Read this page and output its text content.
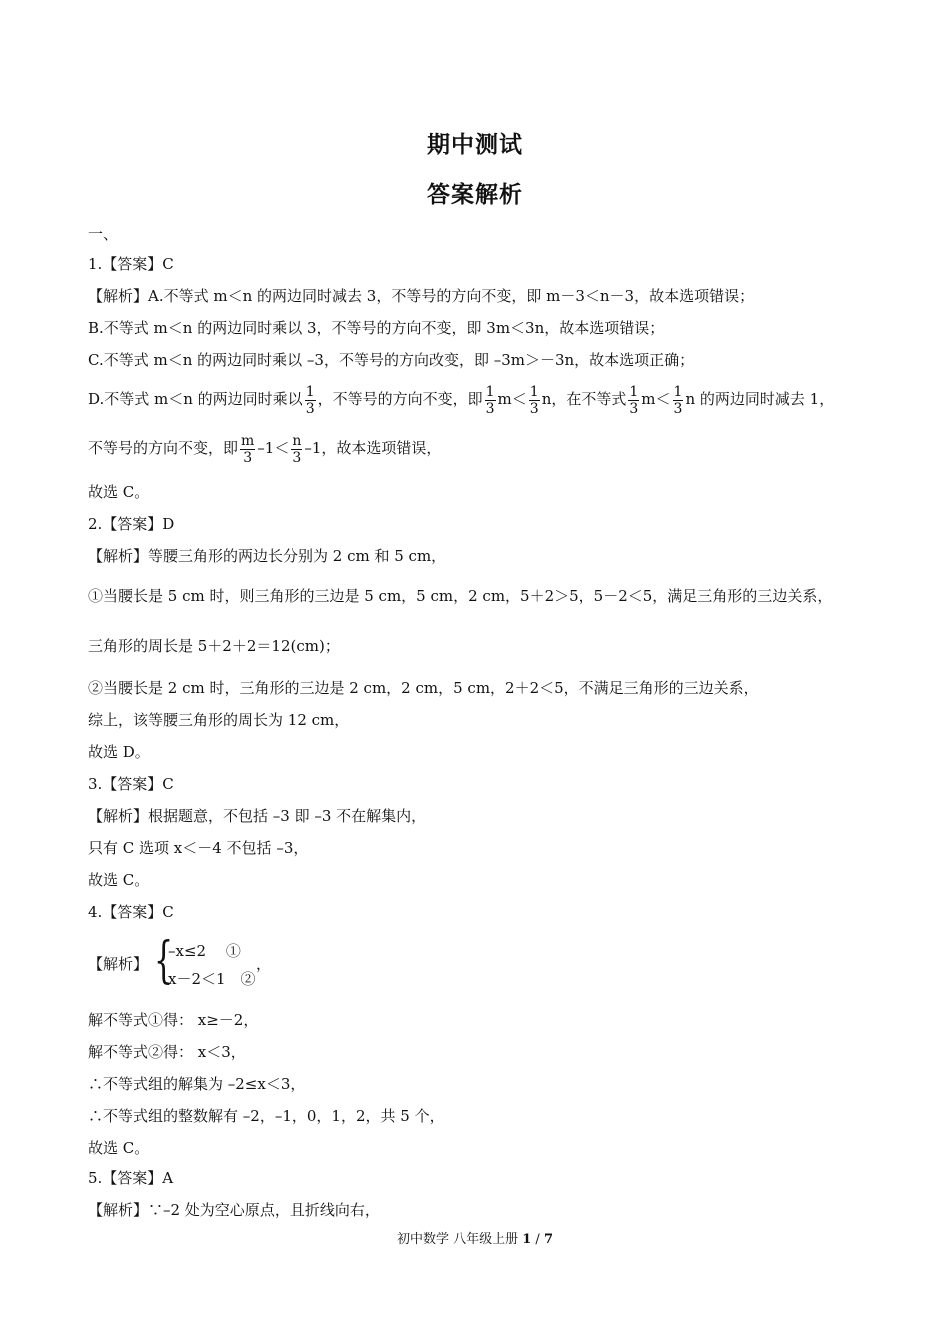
期中测试
答案解析
一、
1.【答案】C
【解析】A.不等式 m＜n 的两边同时减去 3，不等号的方向不变，即 m－3＜n－3，故本选项错误；
B.不等式 m＜n 的两边同时乘以 3，不等号的方向不变，即 3m＜3n，故本选项错误；
C.不等式 m＜n 的两边同时乘以 –3，不等号的方向改变，即 –3m＞－3n，故本选项正确；
D.不等式 m＜n 的两边同时乘以 $\frac{1}{3}$ ，不等号的方向不变，即 $\frac{1}{3} m< \frac{1}{3}$ n，在不等式 $\frac{1}{3} m< \frac{1}{3}$ n 的两边同时减去 1，
不等号的方向不变，即 $\frac{m}{3} -1< \frac{n}{3} -1$，故本选项错误，
故选 C。
2.【答案】D
【解析】等腰三角形的两边长分别为 2 cm 和 5 cm，
①当腰长是 5 cm 时，则三角形的三边是 5 cm，5 cm，2 cm，5＋2＞5，5－2＜5，满足三角形的三边关系，
三角形的周长是 5＋2＋2＝12(cm)；
②当腰长是 2 cm 时，三角形的三边是 2 cm，2 cm，5 cm，2＋2＜5，不满足三角形的三边关系，
综上，该等腰三角形的周长为 12 cm，
故选 D。
3.【答案】C
【解析】根据题意，不包括 –3 即 –3 不在解集内，
只有 C 选项 x＜－4 不包括 –3，
故选 C。
4.【答案】C
【解析】 {
–x≤2　 ①
x－2＜1　②
，
解不等式①得： x≥－2，
解不等式②得： x＜3，
∴不等式组的解集为 –2≤x＜3，
∴不等式组的整数解有 –2，–1，0，1，2，共 5 个，
故选 C。
5.【答案】A
【解析】∵–2 处为空心原点，且折线向右，
初中数学 八年级上册 1 / 7
